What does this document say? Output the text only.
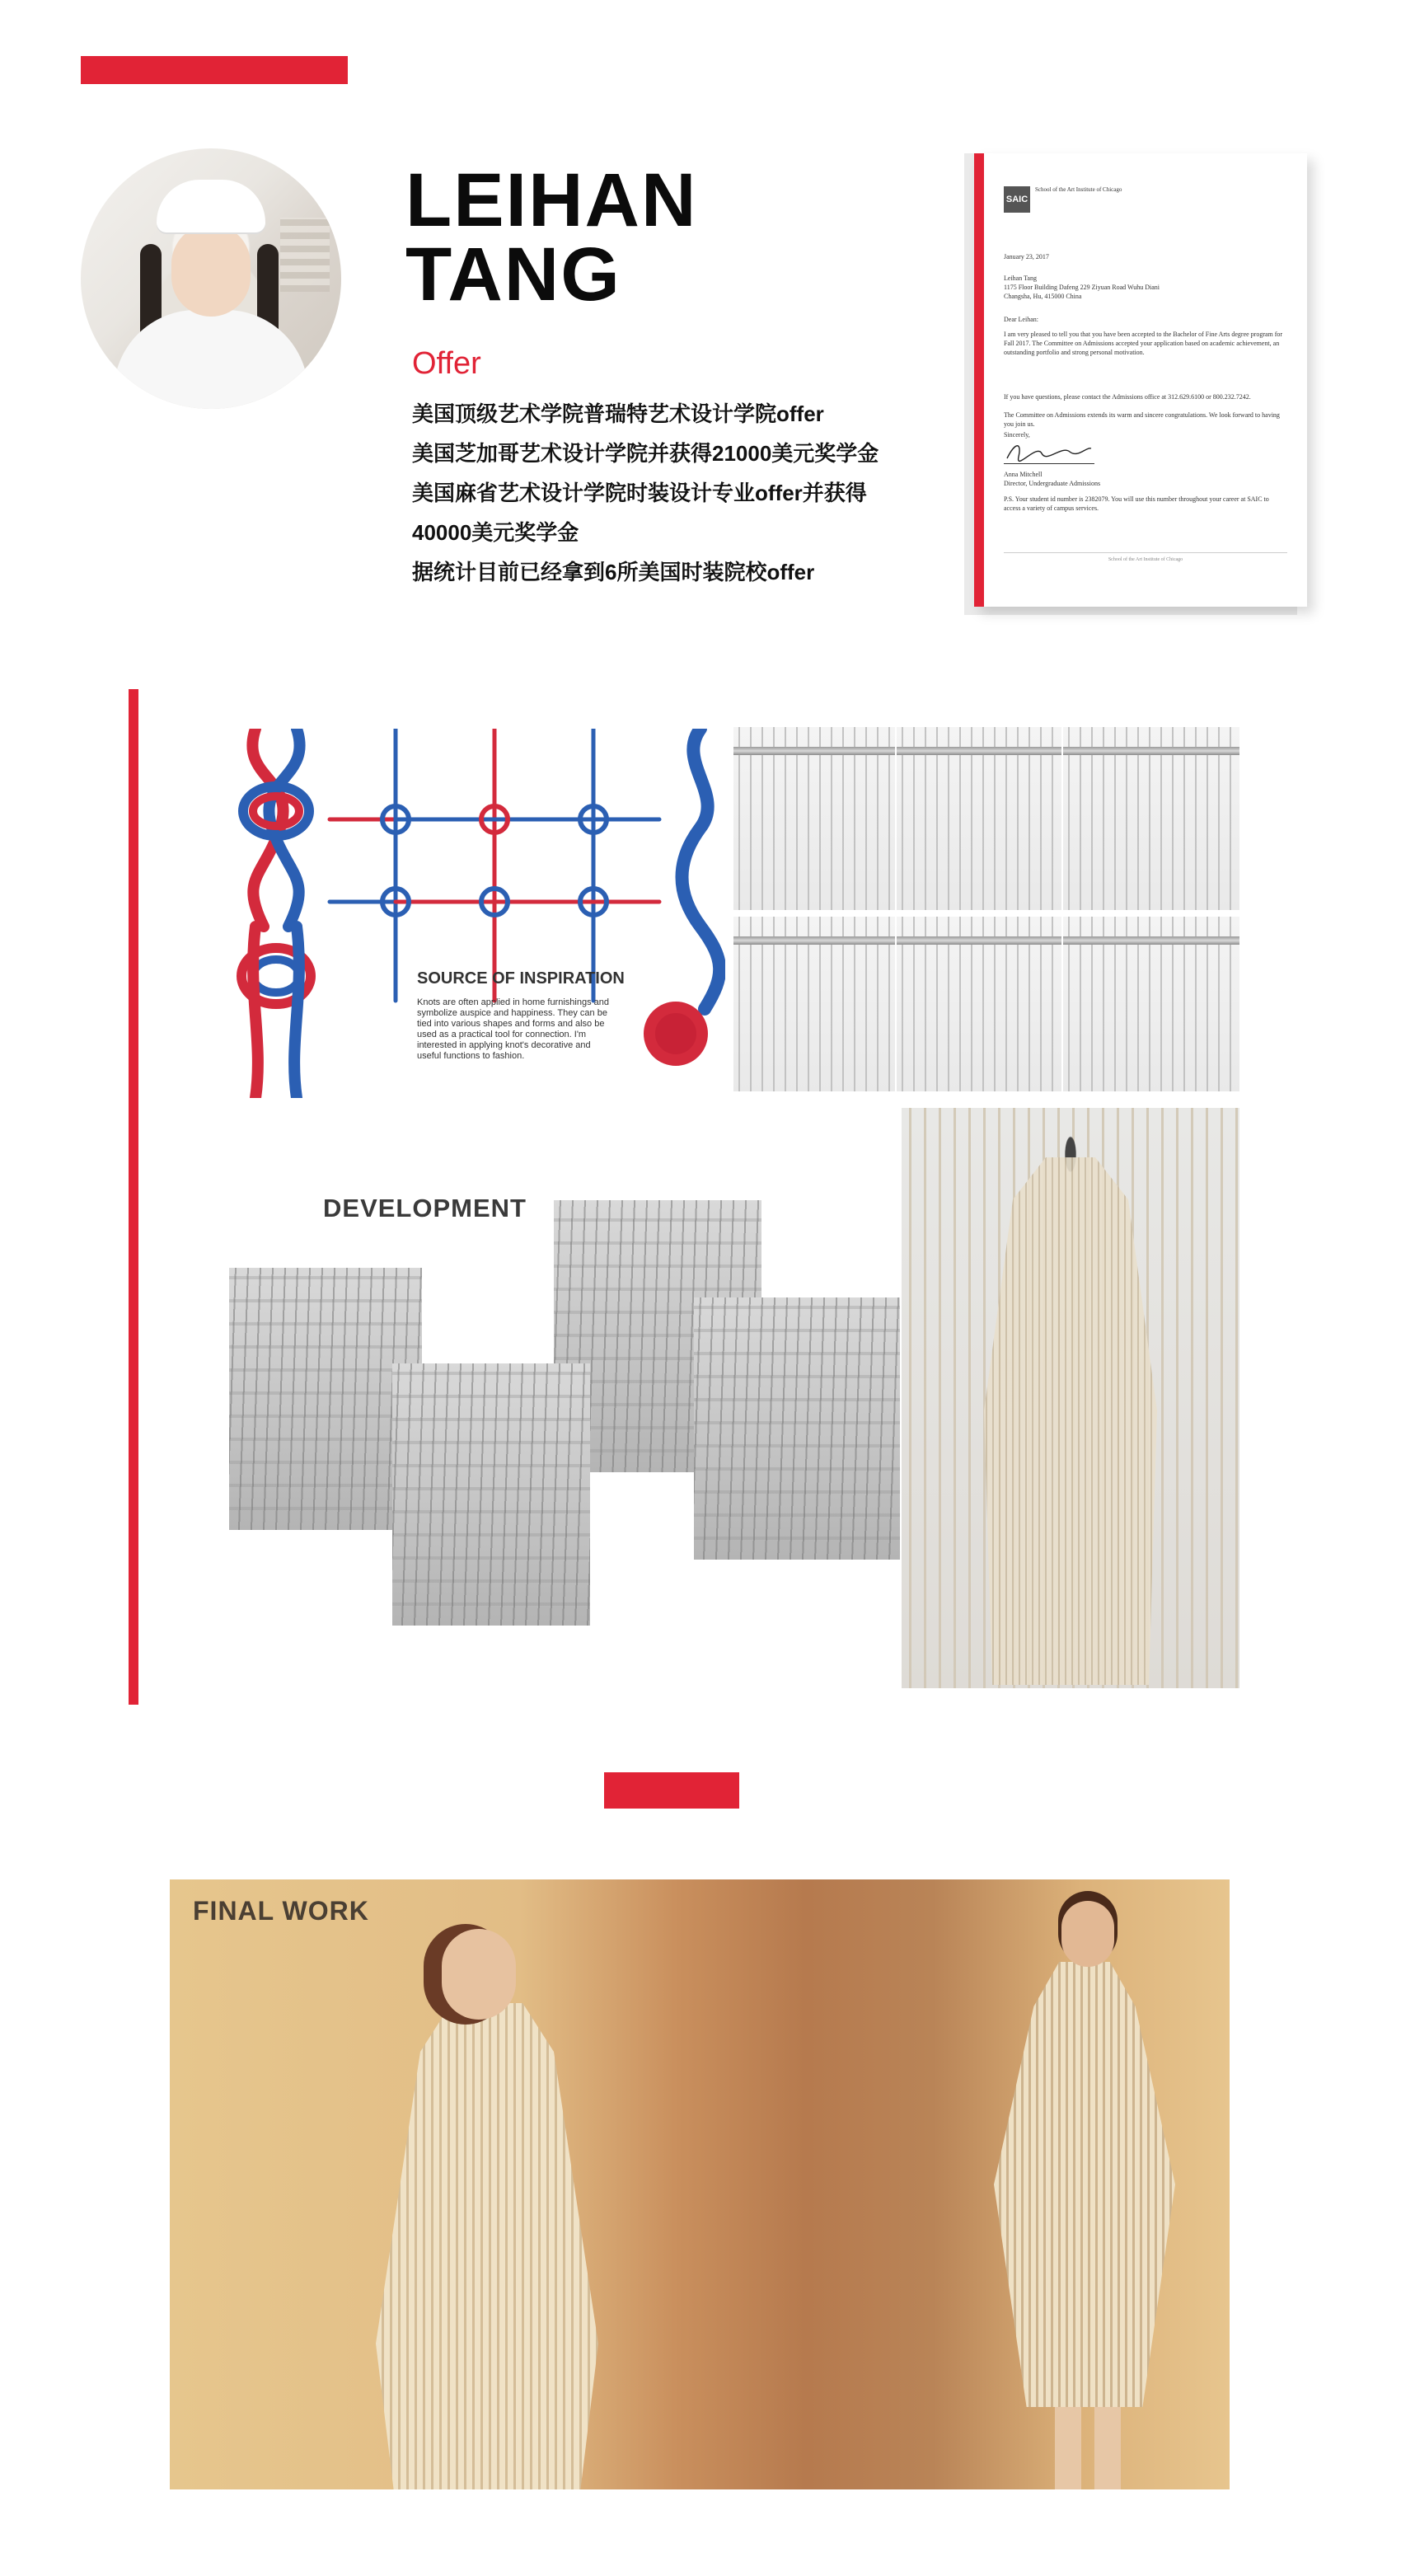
LEIHAN
TANG
Offer
美国顶级艺术学院普瑞特艺术设计学院offer
美国芝加哥艺术设计学院并获得21000美元奖学金
美国麻省艺术设计学院时装设计专业offer并获得
40000美元奖学金
据统计目前已经拿到6所美国时装院校offer
SAIC
School of the Art Institute of Chicago
January 23, 2017
Leihan Tang
1175 Floor Building Dafeng 229 Ziyuan Road Wuhu Diani
Changsha, Hu, 415000 China
Dear Leihan:
I am very pleased to tell you that you have been accepted to the Bachelor of Fine Arts degree program for Fall 2017. The Committee on Admissions accepted your application based on academic achievement, an outstanding portfolio and strong personal motivation.
If you have questions, please contact the Admissions office at 312.629.6100 or 800.232.7242.
The Committee on Admissions extends its warm and sincere congratulations. We look forward to having you join us.
Sincerely,
Anna Mitchell
Director, Undergraduate Admissions
P.S. Your student id number is 2382079. You will use this number throughout your career at SAIC to access a variety of campus services.
School of the Art Institute of Chicago
SOURCE OF INSPIRATION
Knots are often applied in home furnishings and symbolize auspice and happiness. They can be tied into various shapes and forms and also be used as a practical tool for connection. I'm interested in applying knot's decorative and useful functions to fashion.
DEVELOPMENT
FINAL WORK
